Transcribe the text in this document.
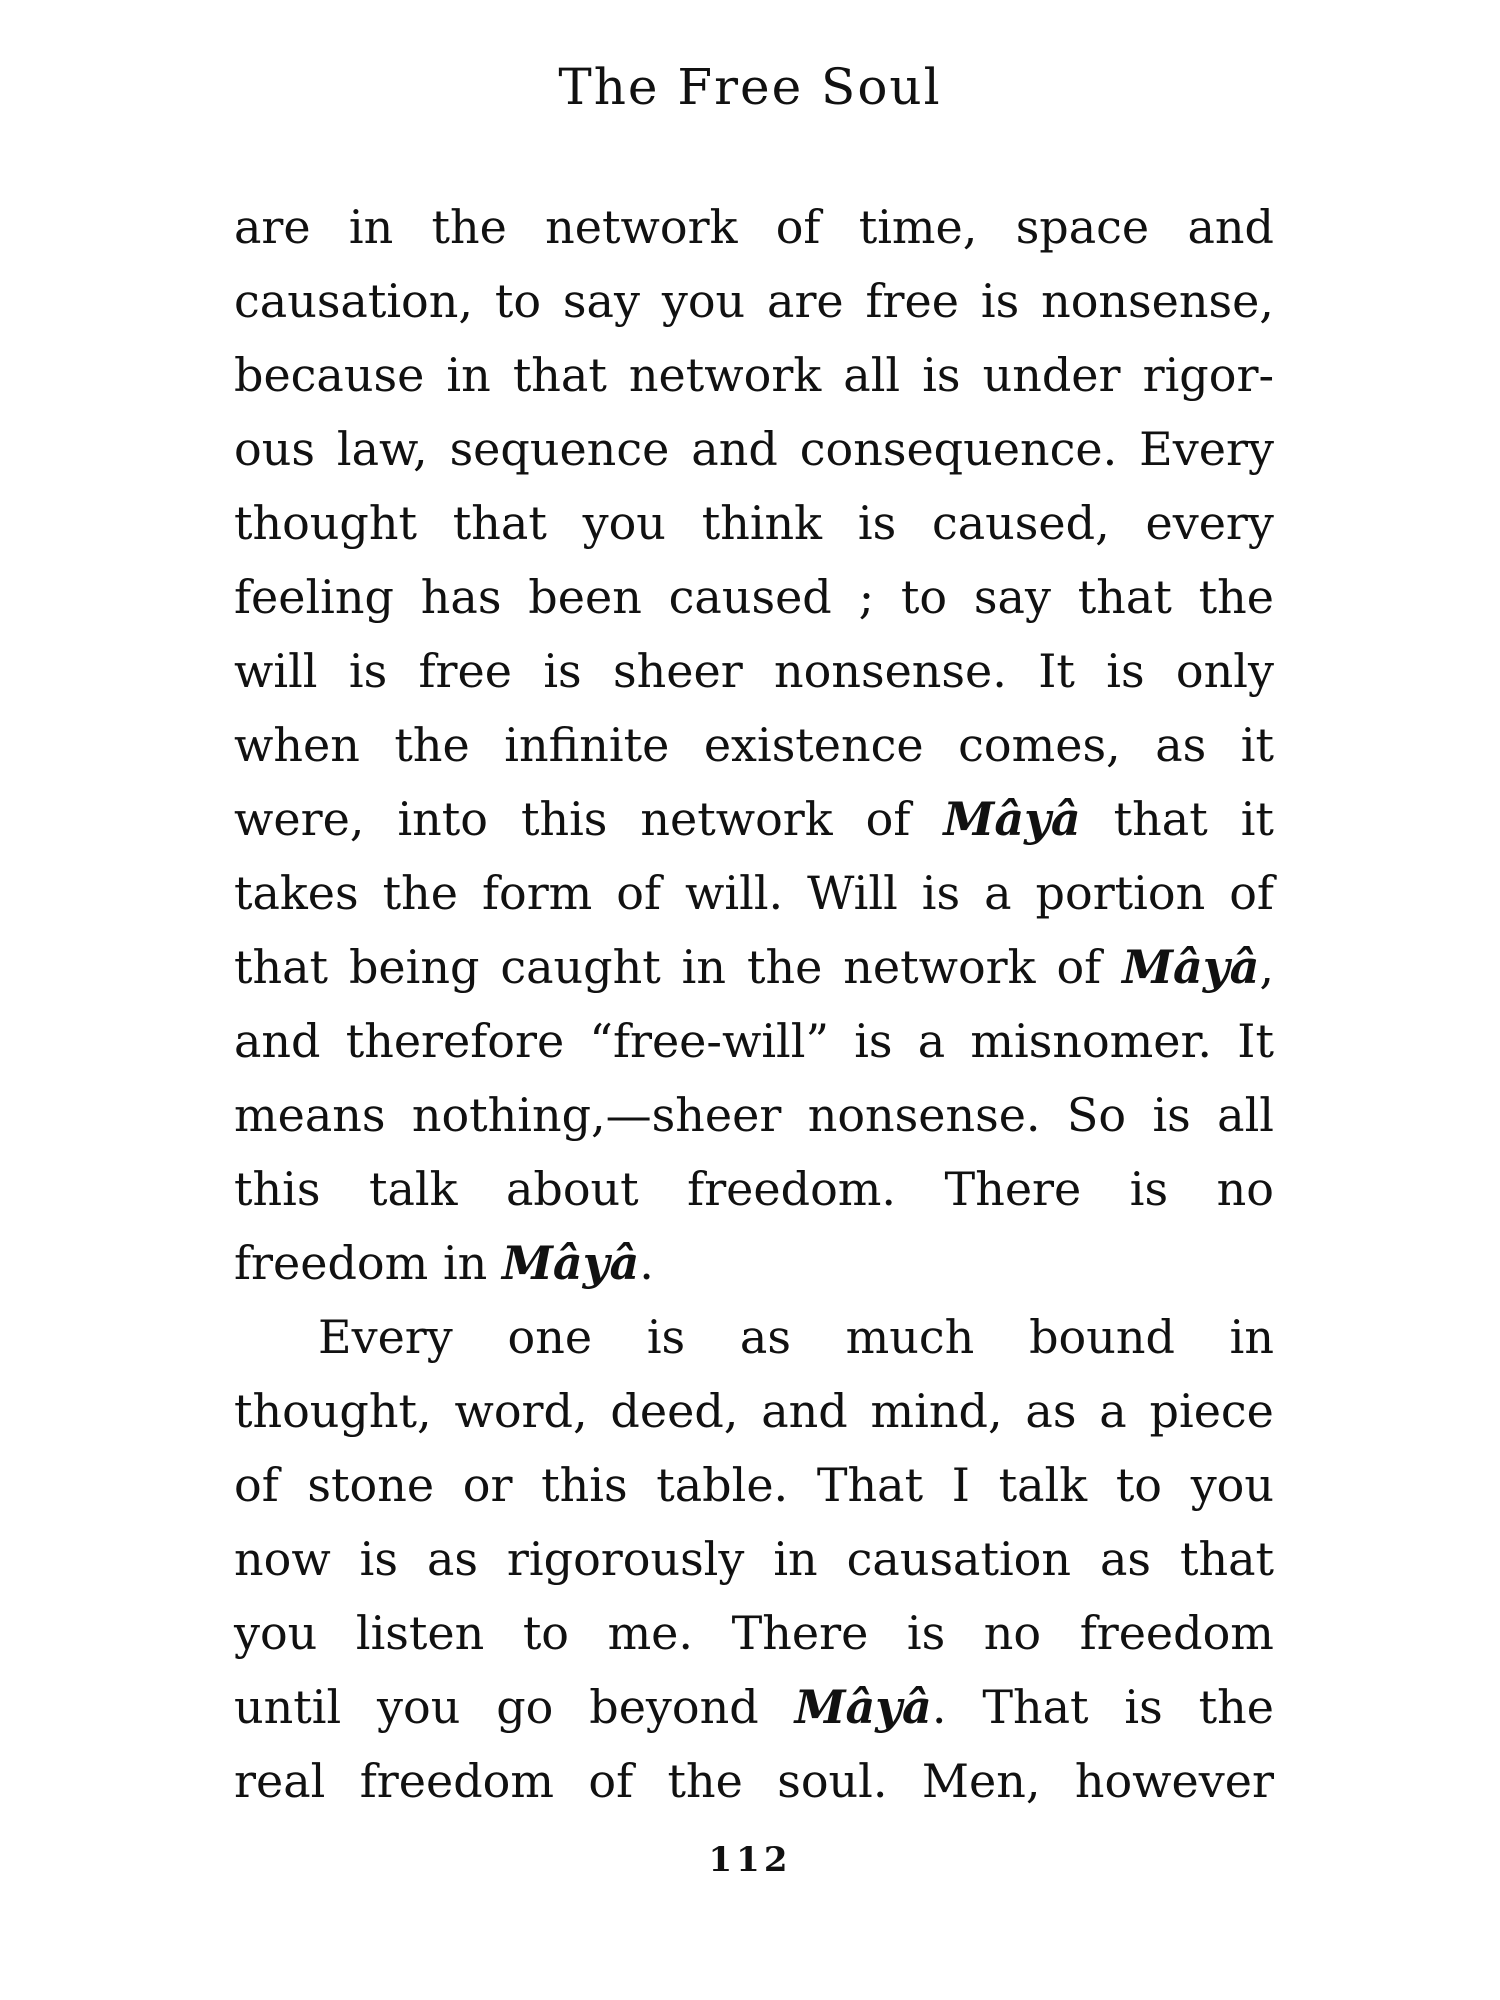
The Free Soul
are in the network of time, space and
causation, to say you are free is nonsense,
because in that network all is under rigor-
ous law, sequence and consequence. Every
thought that you think is caused, every
feeling has been caused ; to say that the
will is free is sheer nonsense. It is only
when the infinite existence comes, as it
were, into this network of Mâyâ that it
takes the form of will. Will is a portion of
that being caught in the network of Mâyâ,
and therefore “free-will” is a misnomer. It
means nothing,—sheer nonsense. So is all
this talk about freedom. There is no
freedom in Mâyâ.
Every one is as much bound in
thought, word, deed, and mind, as a piece
of stone or this table. That I talk to you
now is as rigorously in causation as that
you listen to me. There is no freedom
until you go beyond Mâyâ. That is the
real freedom of the soul. Men, however
112
